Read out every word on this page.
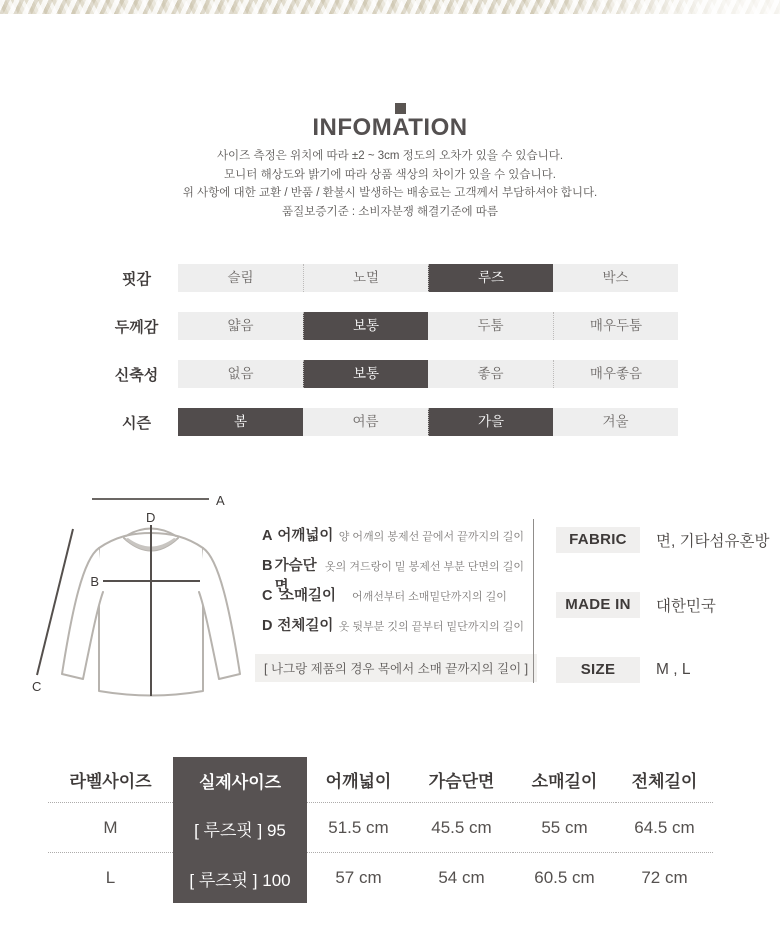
INFOMATION
사이즈 측정은 위치에 따라 ±2 ~ 3cm 정도의 오차가 있을 수 있습니다.
모니터 해상도와 밝기에 따라 상품 색상의 차이가 있을 수 있습니다.
위 사항에 대한 교환 / 반품 / 환불시 발생하는 배송료는 고객께서 부담하셔야 합니다.
품질보증기준 : 소비자분쟁 해결기준에 따름
핏감	슬림	노멀	루즈	박스
두께감	얇음	보통	두툼	매우두툼
신축성	없음	보통	좋음	매우좋음
시즌	봄	여름	가을	겨울
A
D
B
C
A 어깨넓이 양 어깨의 봉제선 끝에서 끝까지의 길이
B 가슴단면
옷의 겨드랑이 밑 봉제선 부분 단면의 길이
C 소매길이	어깨선부터 소매밑단까지의 길이
D 전체길이 옷 뒷부분 깃의 끝부터 밑단까지의 길이
[ 나그랑 제품의 경우 목에서 소매 끝까지의 길이 ]
FABRIC	면, 기타섬유혼방
MADE IN	대한민국
SIZE	M , L
라벨사이즈	실제사이즈	어깨넓이	가슴단면	소매길이	전체길이
M	[ 루즈핏 ] 95	51.5 cm	45.5 cm	55 cm	64.5 cm
L	[ 루즈핏 ] 100	57 cm	54 cm	60.5 cm	72 cm
